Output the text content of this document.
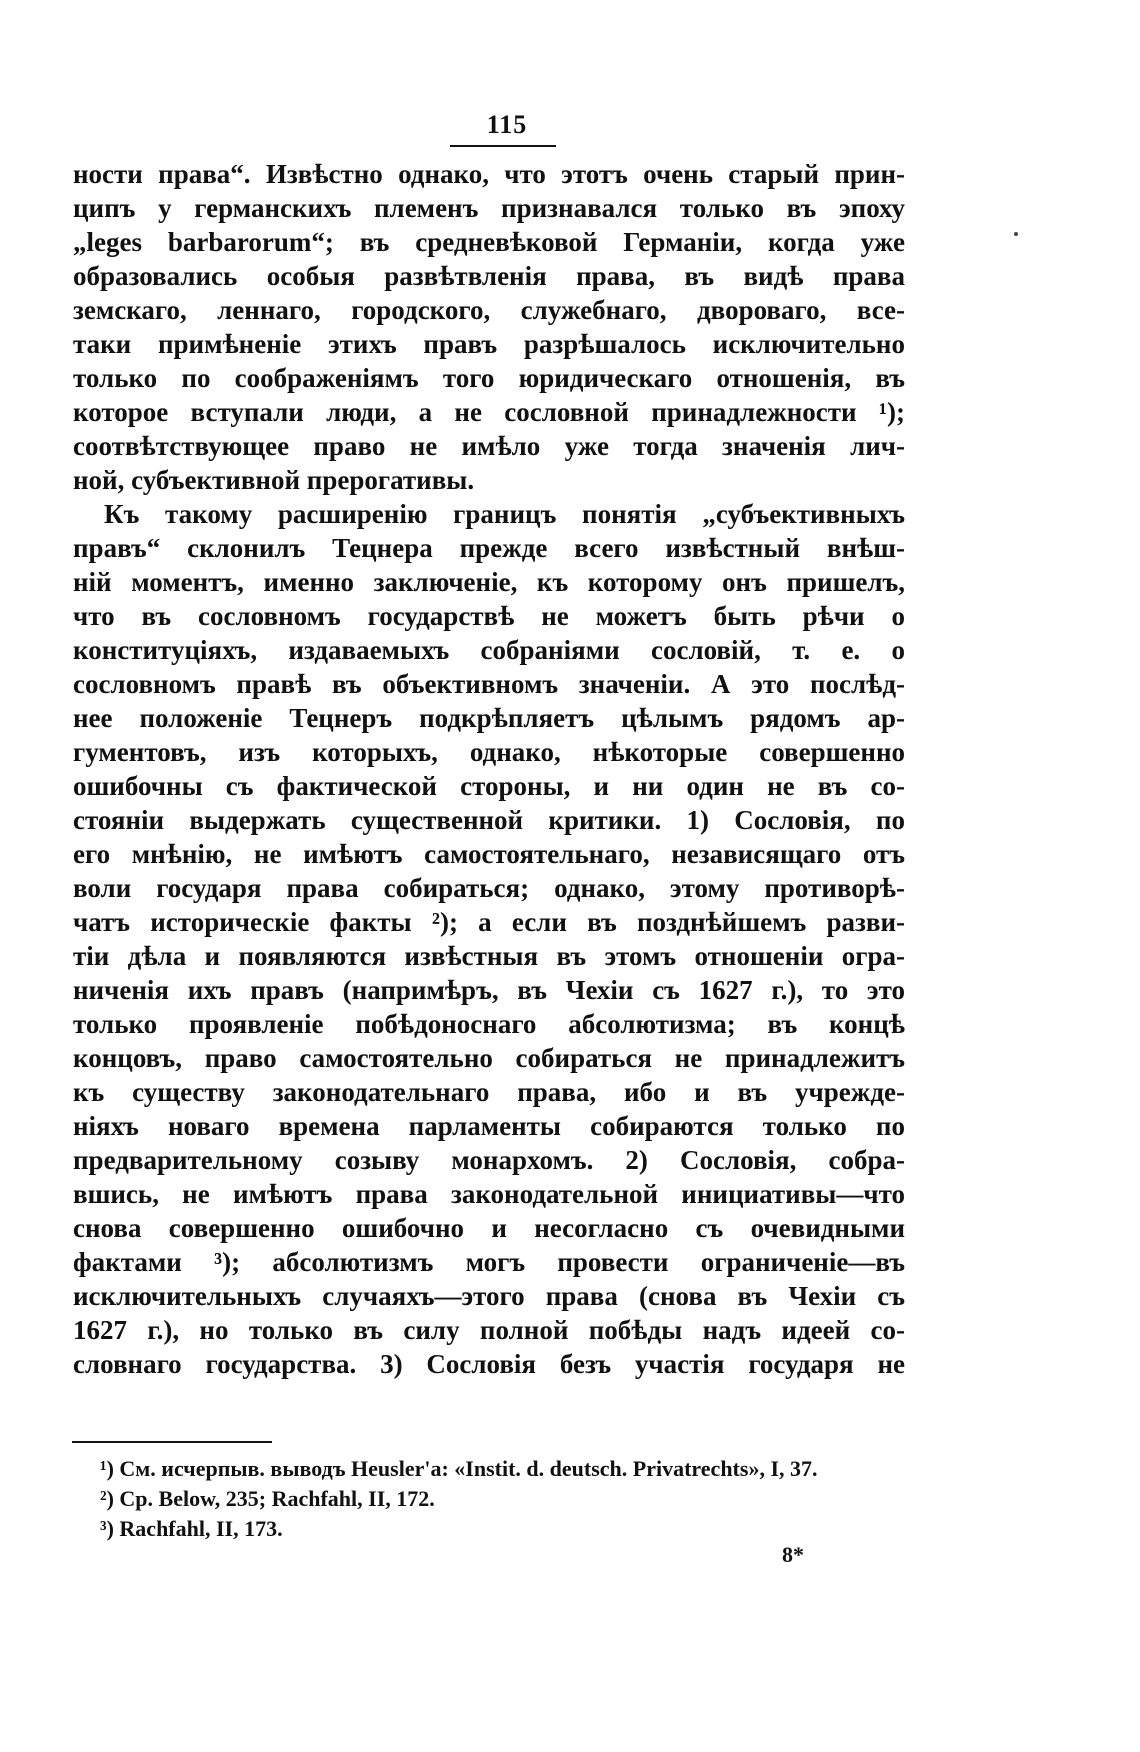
115
ности права“. Извѣстно однако, что этотъ очень старый прин-
ципъ у германскихъ племенъ признавался только въ эпоху
„leges barbarorum“; въ средневѣковой Германiи, когда уже
образовались особыя развѣтвленiя права, въ видѣ права
земскаго, леннаго, городского, служебнаго, двороваго, все-
таки примѣненiе этихъ правъ разрѣшалось исключительно
только по соображенiямъ того юридическаго отношенiя, въ
которое вступали люди, а не сословной принадлежности ¹);
соотвѣтствующее право не имѣло уже тогда значенiя лич-
ной, субъективной прерогативы.
Къ такому расширенiю границъ понятiя „субъективныхъ
правъ“ склонилъ Тецнера прежде всего извѣстный внѣш-
нiй моментъ, именно заключенiе, къ которому онъ пришелъ,
что въ сословномъ государствѣ не можетъ быть рѣчи о
конституцiяхъ, издаваемыхъ собранiями сословiй, т. е. о
сословномъ правѣ въ объективномъ значенiи. А это послѣд-
нее положенiе Тецнеръ подкрѣпляетъ цѣлымъ рядомъ ар-
гументовъ, изъ которыхъ, однако, нѣкоторые совершенно
ошибочны съ фактической стороны, и ни один не въ со-
стоянiи выдержать существенной критики. 1) Сословiя, по
его мнѣнiю, не имѣютъ самостоятельнаго, независящаго отъ
воли государя права собираться; однако, этому противорѣ-
чатъ историческiе факты ²); а если въ позднѣйшемъ разви-
тiи дѣла и появляются извѣстныя въ этомъ отношенiи огра-
ниченiя ихъ правъ (напримѣръ, въ Чехiи съ 1627 г.), то это
только проявленiе побѣдоноснаго абсолютизма; въ концѣ
концовъ, право самостоятельно собираться не принадлежитъ
къ существу законодательнаго права, ибо и въ учрежде-
нiяхъ новаго времена парламенты собираются только по
предварительному созыву монархомъ. 2) Сословiя, собра-
вшись, не имѣютъ права законодательной инициативы—что
снова совершенно ошибочно и несогласно съ очевидными
фактами ³); абсолютизмъ могъ провести ограниченiе—въ
исключительныхъ случаяхъ—этого права (снова въ Чехiи съ
1627 г.), но только въ силу полной побѣды надъ идеей со-
словнаго государства. 3) Сословiя безъ участiя государя не
¹) См. исчерпыв. выводъ Heusler'a: «Instit. d. deutsch. Privatrechts», I, 37.
²) Cp. Below, 235; Rachfahl, II, 172.
³) Rachfahl, II, 173.
8*
